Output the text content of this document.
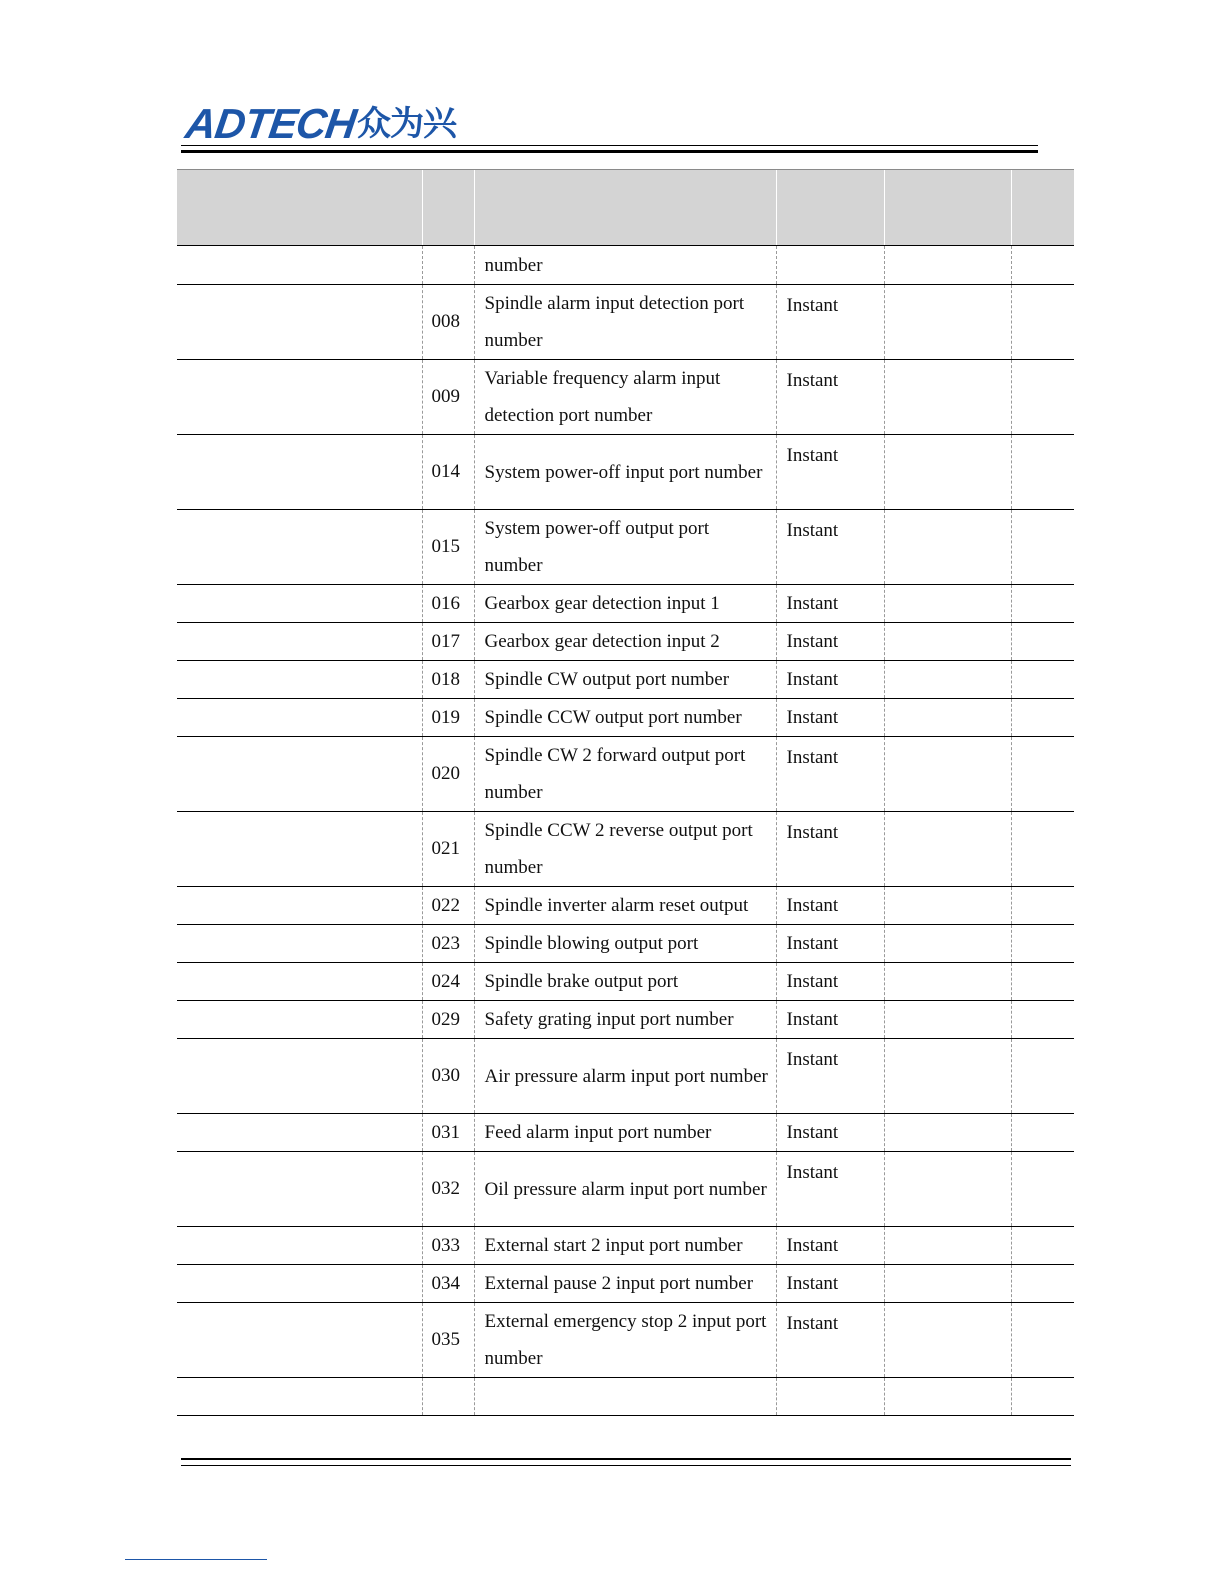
ADTECH
众为兴

		number			
	008	Spindle alarm input detection port number	Instant		
	009	Variable frequency alarm input detection port number	Instant		
	014	System power-off input port number	Instant		
	015	System power-off output port number	Instant		
	016	Gearbox gear detection input 1	Instant		
	017	Gearbox gear detection input 2	Instant		
	018	Spindle CW output port number	Instant		
	019	Spindle CCW output port number	Instant		
	020	Spindle CW 2 forward output port number	Instant		
	021	Spindle CCW 2 reverse output port number	Instant		
	022	Spindle inverter alarm reset output	Instant		
	023	Spindle blowing output port	Instant		
	024	Spindle brake output port	Instant		
	029	Safety grating input port number	Instant		
	030	Air pressure alarm input port number	Instant		
	031	Feed alarm input port number	Instant		
	032	Oil pressure alarm input port number	Instant		
	033	External start 2 input port number	Instant		
	034	External pause 2 input port number	Instant		
	035	External emergency stop 2 input port number	Instant		
